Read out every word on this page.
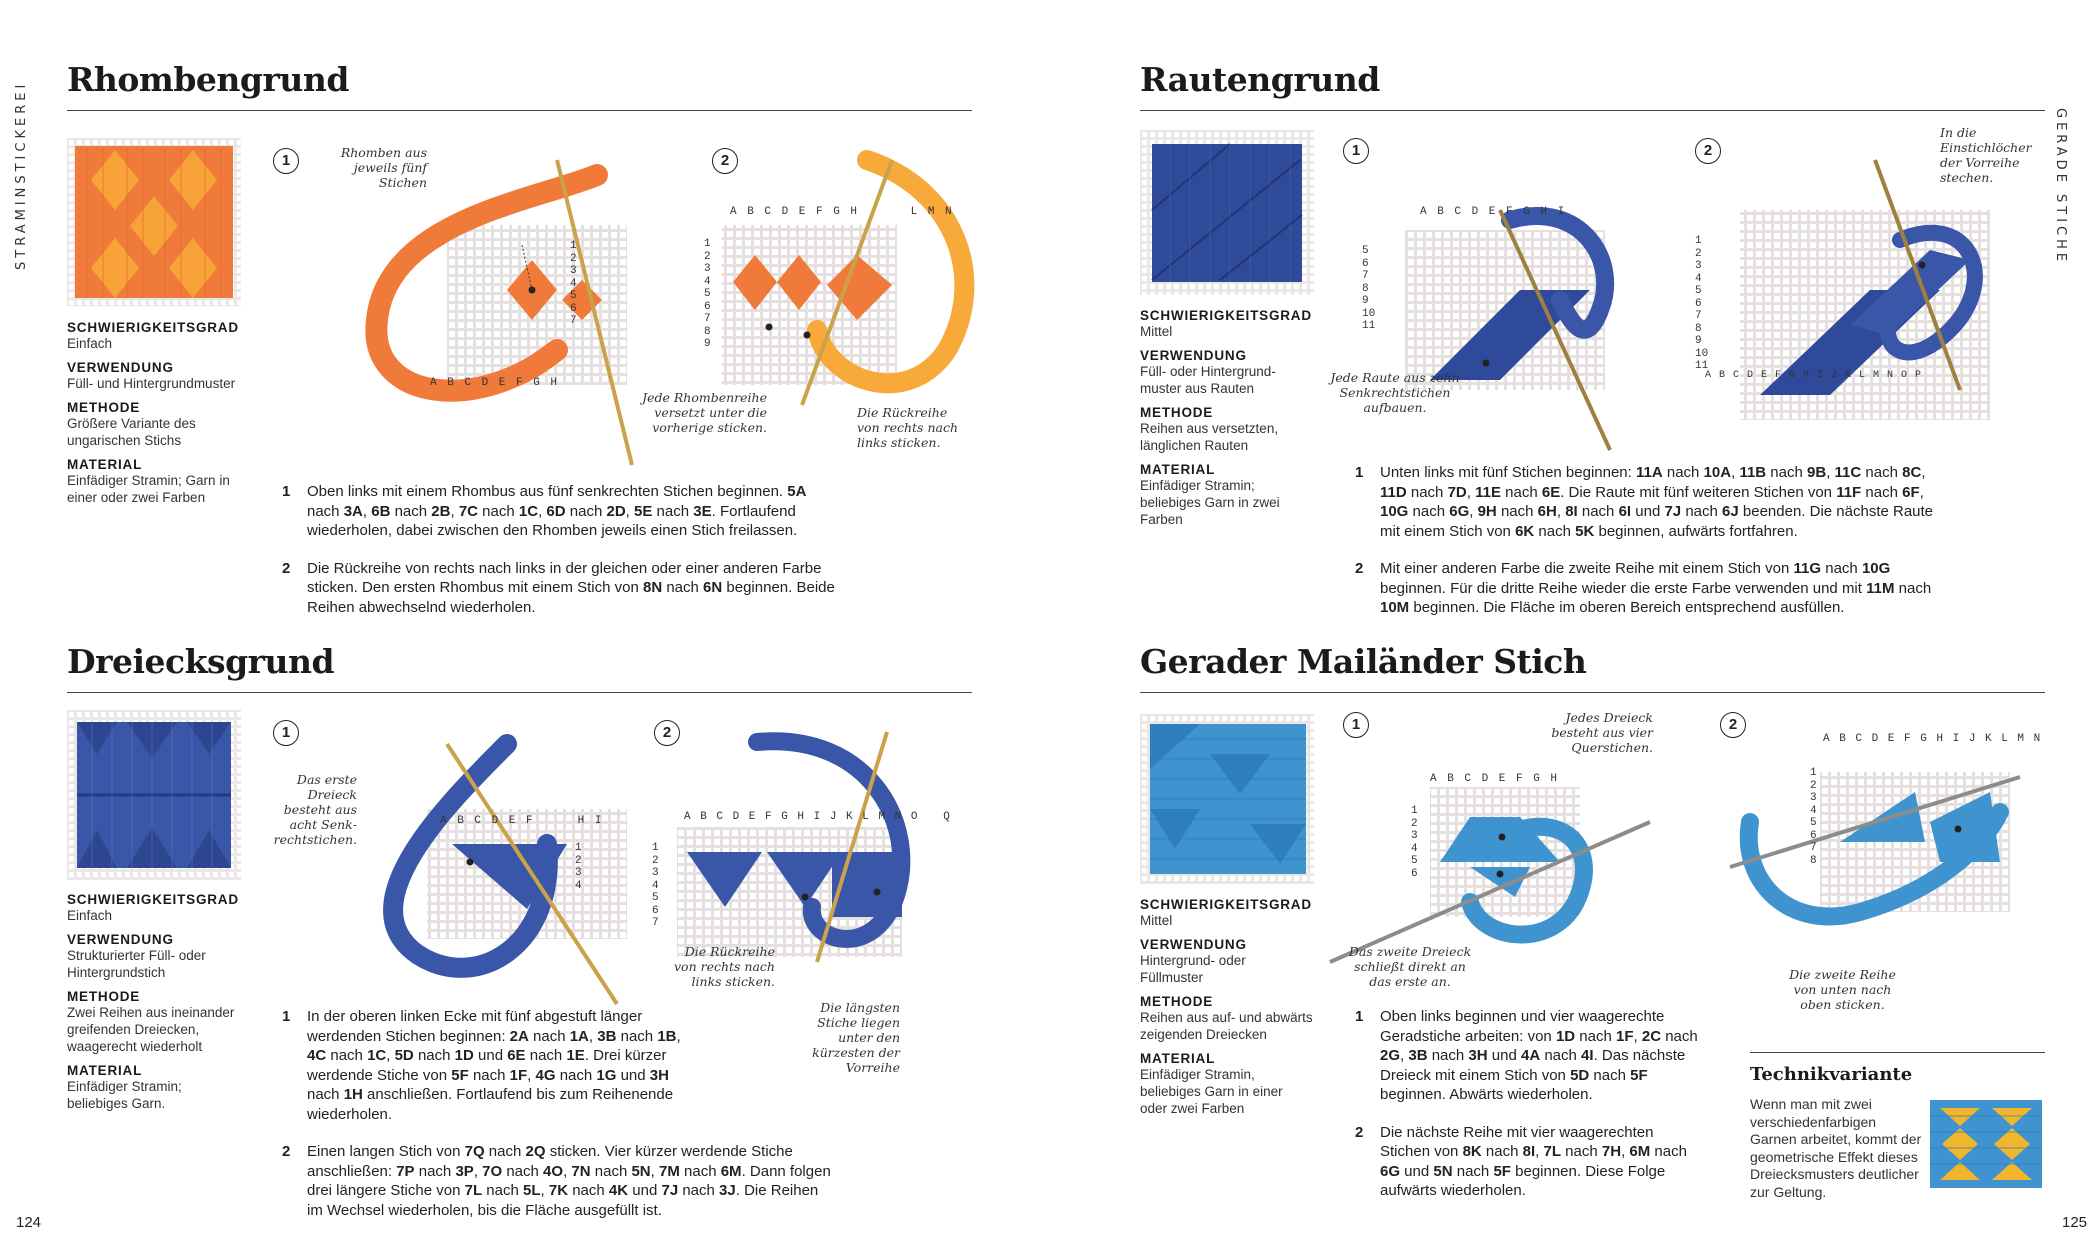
STRAMINSTICKEREI	GERADE STICHE
124	125
Rhombengrund
SCHWIERIGKEITSGRAD
Einfach
VERWENDUNG
Füll- und Hintergrundmuster
METHODE
Größere Variante des ungarischen Stichs
MATERIAL
Einfädiger Stramin; Garn in einer oder zwei Farben
1	Rhomben aus jeweils fünf Stichen
A B C D E F G H
1 2 3 4 5 6 7
2
A B C D E F G H      L M N
1 2 3 4 5 6 7 8 9
Jede Rhombenreihe versetzt unter die vorherige sticken.
Die Rückreihe von rechts nach links sticken.
1 Oben links mit einem Rhombus aus fünf senkrechten Stichen beginnen. 5A nach 3A, 6B nach 2B, 7C nach 1C, 6D nach 2D, 5E nach 3E. Fortlaufend wiederholen, dabei zwischen den Rhomben jeweils einen Stich freilassen.
2 Die Rückreihe von rechts nach links in der gleichen oder einer anderen Farbe sticken. Den ersten Rhombus mit einem Stich von 8N nach 6N beginnen. Beide Reihen abwechselnd wiederholen.
Rautengrund
SCHWIERIGKEITSGRAD
Mittel
VERWENDUNG
Füll- oder Hintergrundmuster aus Rauten
METHODE
Reihen aus versetzten, länglichen Rauten
MATERIAL
Einfädiger Stramin; beliebiges Garn in zwei Farben
1
A B C D E F G H I
5 6 7 8 9 10 11
Jede Raute aus zehn Senkrechtstichen aufbauen.
2
1 2 3 4 5 6 7 8 9 10 11
A B C D E F G H I J K L M N O P
In die Einstichlöcher der Vorreihe stechen.
1 Unten links mit fünf Stichen beginnen: 11A nach 10A, 11B nach 9B, 11C nach 8C, 11D nach 7D, 11E nach 6E. Die Raute mit fünf weiteren Stichen von 11F nach 6F, 10G nach 6G, 9H nach 6H, 8I nach 6I und 7J nach 6J beenden. Die nächste Raute mit einem Stich von 6K nach 5K beginnen, aufwärts fortfahren.
2 Mit einer anderen Farbe die zweite Reihe mit einem Stich von 11G nach 10G beginnen. Für die dritte Reihe wieder die erste Farbe verwenden und mit 11M nach 10M beginnen. Die Fläche im oberen Bereich entsprechend ausfüllen.
Dreiecksgrund
SCHWIERIGKEITSGRAD
Einfach
VERWENDUNG
Strukturierter Füll- oder Hintergrundstich
METHODE
Zwei Reihen aus ineinander greifenden Dreiecken, waagerecht wiederholt
MATERIAL
Einfädiger Stramin; beliebiges Garn.
1
Das erste Dreieck besteht aus acht Senkrechtstichen.
A B C D E F     H I
1 2 3 4
2
A B C D E F G H I J K L M N O   Q
1 2 3 4 5 6 7
Die Rückreihe von rechts nach links sticken.
Die längsten Stiche liegen unter den kürzesten der Vorreihe
1 In der oberen linken Ecke mit fünf abgestuft länger werdenden Stichen beginnen: 2A nach 1A, 3B nach 1B, 4C nach 1C, 5D nach 1D und 6E nach 1E. Drei kürzer werdende Stiche von 5F nach 1F, 4G nach 1G und 3H nach 1H anschließen. Fortlaufend bis zum Reihenende wiederholen.
2 Einen langen Stich von 7Q nach 2Q sticken. Vier kürzer werdende Stiche anschließen: 7P nach 3P, 7O nach 4O, 7N nach 5N, 7M nach 6M. Dann folgen drei längere Stiche von 7L nach 5L, 7K nach 4K und 7J nach 3J. Die Reihen im Wechsel wiederholen, bis die Fläche ausgefüllt ist.
Gerader Mailänder Stich
SCHWIERIGKEITSGRAD
Mittel
VERWENDUNG
Hintergrund- oder Füllmuster
METHODE
Reihen aus auf- und abwärts zeigenden Dreiecken
MATERIAL
Einfädiger Stramin, beliebiges Garn in einer oder zwei Farben
1
A B C D E F G H
1 2 3 4 5 6
Jedes Dreieck besteht aus vier Querstichen.
Das zweite Dreieck schließt direkt an das erste an.
2
A B C D E F G H I J K L M N
1 2 3 4 5 6 7 8
Die zweite Reihe von unten nach oben sticken.
1 Oben links beginnen und vier waagerechte Geradstiche arbeiten: von 1D nach 1F, 2C nach 2G, 3B nach 3H und 4A nach 4I. Das nächste Dreieck mit einem Stich von 5D nach 5F beginnen. Abwärts wiederholen.
2 Die nächste Reihe mit vier waagerechten Stichen von 8K nach 8I, 7L nach 7H, 6M nach 6G und 5N nach 5F beginnen. Diese Folge aufwärts wiederholen.
Technikvariante
Wenn man mit zwei verschiedenfarbigen Garnen arbeitet, kommt der geometrische Effekt dieses Dreiecksmusters deutlicher zur Geltung.
